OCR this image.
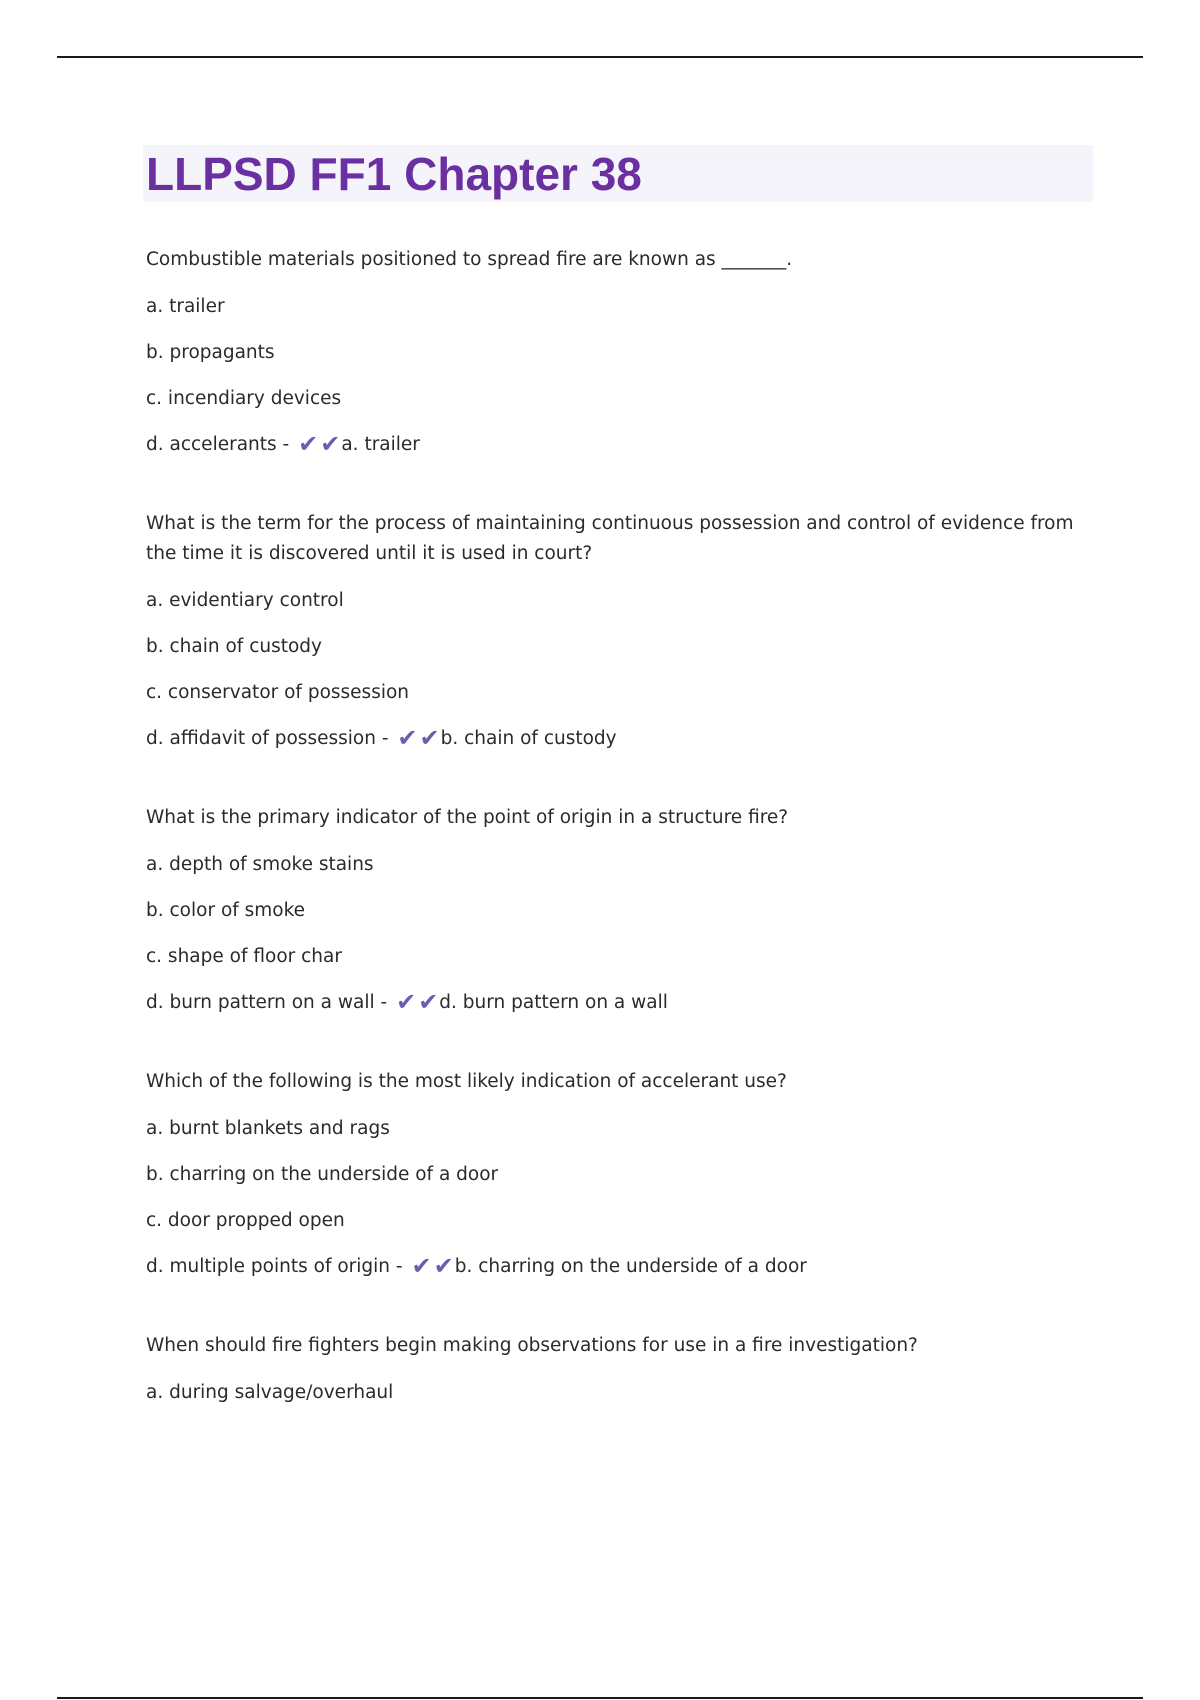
LLPSD FF1 Chapter 38

Combustible materials positioned to spread fire are known as _______.

a. trailer

b. propagants

c. incendiary devices

d. accelerants - ✔✔a. trailer

What is the term for the process of maintaining continuous possession and control of evidence from the time it is discovered until it is used in court?

a. evidentiary control

b. chain of custody

c. conservator of possession

d. affidavit of possession - ✔✔b. chain of custody

What is the primary indicator of the point of origin in a structure fire?

a. depth of smoke stains

b. color of smoke

c. shape of floor char

d. burn pattern on a wall - ✔✔d. burn pattern on a wall

Which of the following is the most likely indication of accelerant use?

a. burnt blankets and rags

b. charring on the underside of a door

c. door propped open

d. multiple points of origin - ✔✔b. charring on the underside of a door

When should fire fighters begin making observations for use in a fire investigation?

a. during salvage/overhaul
